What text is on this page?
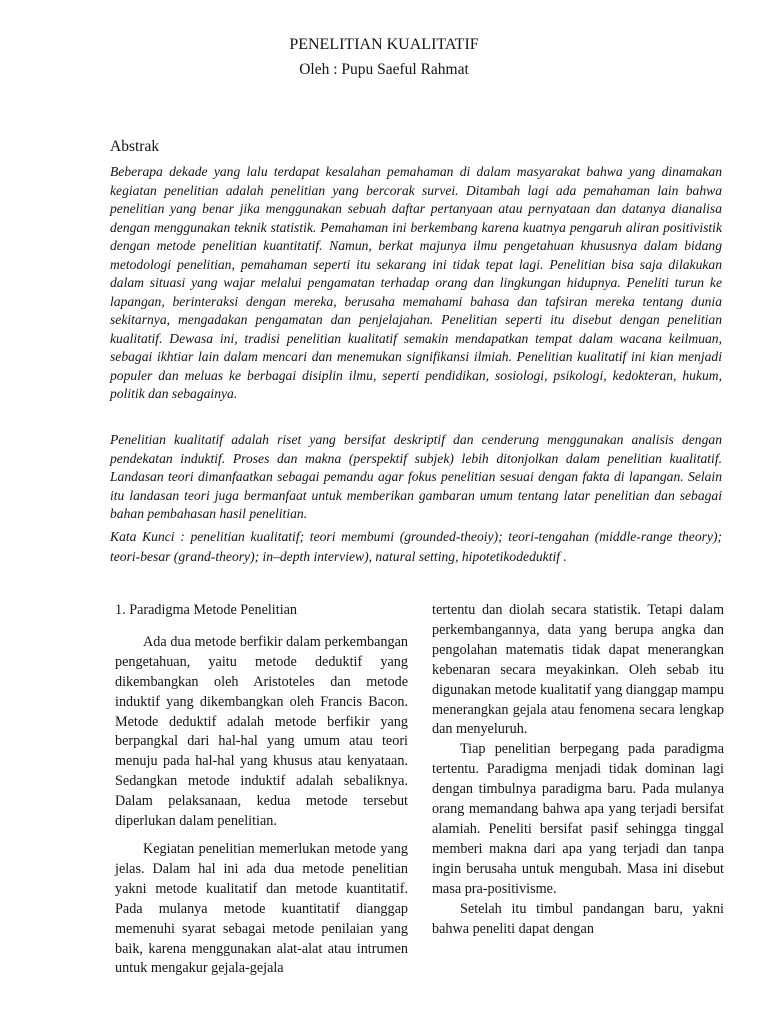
PENELITIAN KUALITATIF
Oleh : Pupu Saeful Rahmat
Abstrak

Beberapa dekade yang lalu terdapat kesalahan pemahaman di dalam masyarakat bahwa yang dinamakan kegiatan penelitian adalah penelitian yang bercorak survei. Ditambah lagi ada pemahaman lain bahwa penelitian yang benar jika menggunakan sebuah daftar pertanyaan atau pernyataan dan datanya dianalisa dengan menggunakan teknik statistik. Pemahaman ini berkembang karena kuatnya pengaruh aliran positivistik dengan metode penelitian kuantitatif. Namun, berkat majunya ilmu pengetahuan khususnya dalam bidang metodologi penelitian, pemahaman seperti itu sekarang ini tidak tepat lagi. Penelitian bisa saja dilakukan dalam situasi yang wajar melalui pengamatan terhadap orang dan lingkungan hidupnya. Peneliti turun ke lapangan, berinteraksi dengan mereka, berusaha memahami bahasa dan tafsiran mereka tentang dunia sekitarnya, mengadakan pengamatan dan penjelajahan. Penelitian seperti itu disebut dengan penelitian kualitatif. Dewasa ini, tradisi penelitian kualitatif semakin mendapatkan tempat dalam wacana keilmuan, sebagai ikhtiar lain dalam mencari dan menemukan signifikansi ilmiah. Penelitian kualitatif ini kian menjadi populer dan meluas ke berbagai disiplin ilmu, seperti pendidikan, sosiologi, psikologi, kedokteran, hukum, politik dan sebagainya.

Penelitian kualitatif adalah riset yang bersifat deskriptif dan cenderung menggunakan analisis dengan pendekatan induktif. Proses dan makna (perspektif subjek) lebih ditonjolkan dalam penelitian kualitatif. Landasan teori dimanfaatkan sebagai pemandu agar fokus penelitian sesuai dengan fakta di lapangan. Selain itu landasan teori juga bermanfaat untuk memberikan gambaran umum tentang latar penelitian dan sebagai bahan pembahasan hasil penelitian.

Kata Kunci : penelitian kualitatif; teori membumi (grounded-theoiy); teori-tengahan (middle-range theory); teori-besar (grand-theory); in–depth interview), natural setting, hipotetikodeduktif .

1. Paradigma Metode Penelitian

Ada dua metode berfikir dalam perkembangan pengetahuan, yaitu metode deduktif yang dikembangkan oleh Aristoteles dan metode induktif yang dikembangkan oleh Francis Bacon. Metode deduktif adalah metode berfikir yang berpangkal dari hal-hal yang umum atau teori menuju pada hal-hal yang khusus atau kenyataan. Sedangkan metode induktif adalah sebaliknya. Dalam pelaksanaan, kedua metode tersebut diperlukan dalam penelitian.

Kegiatan penelitian memerlukan metode yang jelas. Dalam hal ini ada dua metode penelitian yakni metode kualitatif dan metode kuantitatif. Pada mulanya metode kuantitatif dianggap memenuhi syarat sebagai metode penilaian yang baik, karena menggunakan alat-alat atau intrumen untuk mengakur gejala-gejala

tertentu dan diolah secara statistik. Tetapi dalam perkembangannya, data yang berupa angka dan pengolahan matematis tidak dapat menerangkan kebenaran secara meyakinkan. Oleh sebab itu digunakan metode kualitatif yang dianggap mampu menerangkan gejala atau fenomena secara lengkap dan menyeluruh.

Tiap penelitian berpegang pada paradigma tertentu. Paradigma menjadi tidak dominan lagi dengan timbulnya paradigma baru. Pada mulanya orang memandang bahwa apa yang terjadi bersifat alamiah. Peneliti bersifat pasif sehingga tinggal memberi makna dari apa yang terjadi dan tanpa ingin berusaha untuk mengubah. Masa ini disebut masa pra-positivisme.

Setelah itu timbul pandangan baru, yakni bahwa peneliti dapat dengan
